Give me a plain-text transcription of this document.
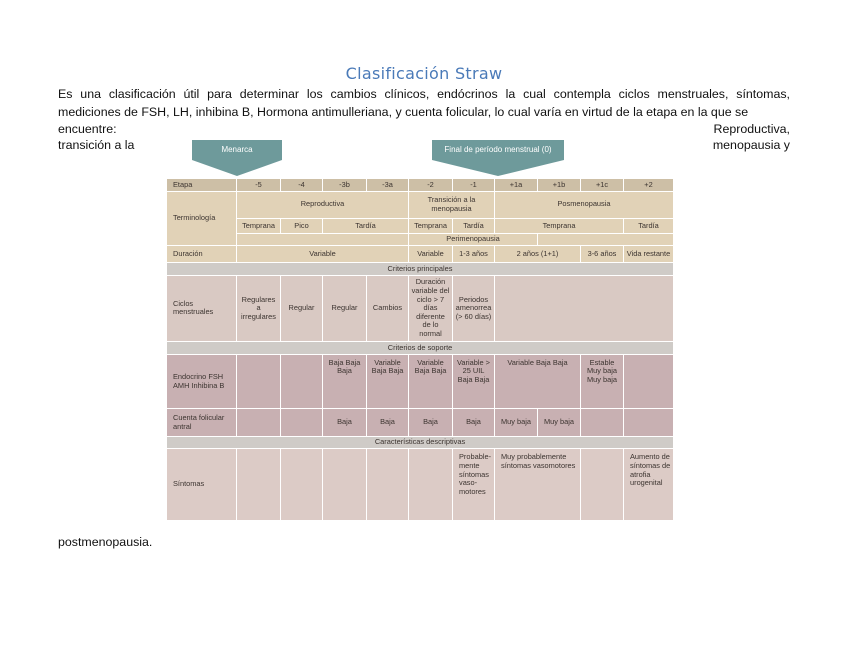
Clasificación Straw
Es una clasificación útil para determinar los cambios clínicos, endócrinos la cual contempla ciclos menstruales, síntomas, mediciones de FSH, LH, inhibina B, Hormona antimulleriana, y cuenta folicular, lo cual varía en virtud de la etapa en la que se
encuentre:	Reproductiva,
transición a la	menopausia y
Menarca	Final de período menstrual (0)
Etapa	-5	-4	-3b	-3a	-2	-1	+1a	+1b	+1c	+2
Terminología	Reproductiva				Transición a la menopausia		Posmenopausia			
	Temprana	Pico	Tardía		Temprana	Tardía	Temprana			Tardía
					Perimenopausia					
Duración	Variable				Variable	1-3 años	2 años (1+1)		3-6 años	Vida restante
Criterios principales										
Ciclos menstruales	Regulares a irregulares	Regular	Regular	Cambios	Duración variable del ciclo > 7 días diferente de lo normal	Periodos amenorrea (> 60 días)				
Criterios de soporte										
Endocrino FSH AMH Inhibina B			Baja Baja Baja	Variable Baja Baja	Variable Baja Baja	Variable > 25 UIL Baja Baja	Variable Baja Baja		Estable Muy baja Muy baja	
Cuenta folicular antral			Baja	Baja	Baja	Baja	Muy baja	Muy baja		
Características descriptivas										
Síntomas						Probable-mente síntomas vaso-motores	Muy probablemente síntomas vasomotores			Aumento de síntomas de atrofia urogenital
postmenopausia.
